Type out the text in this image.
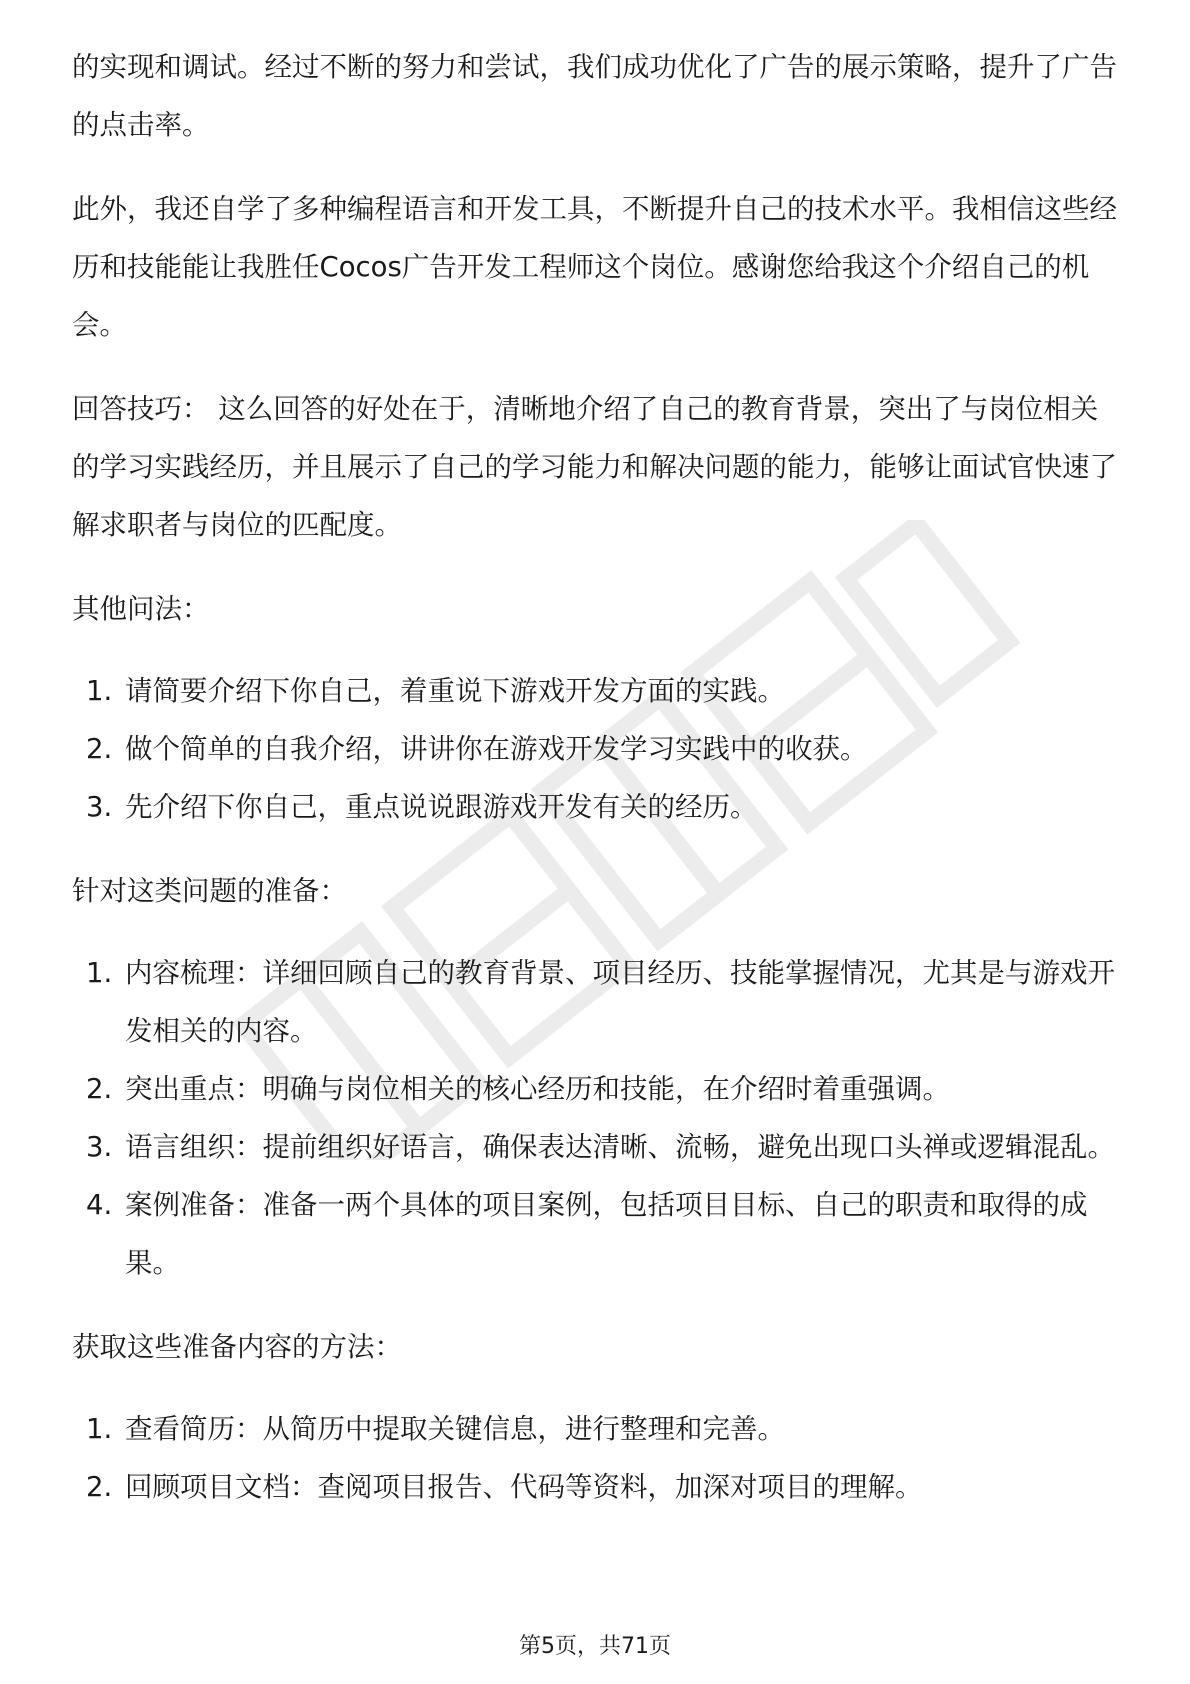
的实现和调试。经过不断的努力和尝试，我们成功优化了广告的展示策略，提升了广告的点击率。

此外，我还自学了多种编程语言和开发工具，不断提升自己的技术水平。我相信这些经历和技能能让我胜任Cocos广告开发工程师这个岗位。感谢您给我这个介绍自己的机会。

回答技巧： 这么回答的好处在于，清晰地介绍了自己的教育背景，突出了与岗位相关的学习实践经历，并且展示了自己的学习能力和解决问题的能力，能够让面试官快速了解求职者与岗位的匹配度。

其他问法：

1. 请简要介绍下你自己，着重说下游戏开发方面的实践。
2. 做个简单的自我介绍，讲讲你在游戏开发学习实践中的收获。
3. 先介绍下你自己，重点说说跟游戏开发有关的经历。

针对这类问题的准备：

1. 内容梳理：详细回顾自己的教育背景、项目经历、技能掌握情况，尤其是与游戏开发相关的内容。
2. 突出重点：明确与岗位相关的核心经历和技能，在介绍时着重强调。
3. 语言组织：提前组织好语言，确保表达清晰、流畅，避免出现口头禅或逻辑混乱。
4. 案例准备：准备一两个具体的项目案例，包括项目目标、自己的职责和取得的成果。

获取这些准备内容的方法：

1. 查看简历：从简历中提取关键信息，进行整理和完善。
2. 回顾项目文档：查阅项目报告、代码等资料，加深对项目的理解。
第5页，共71页
